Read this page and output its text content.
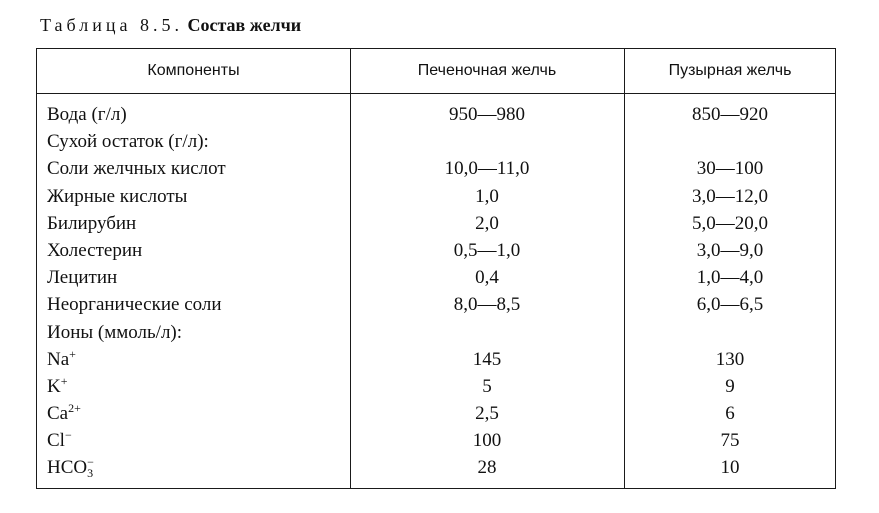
Таблица 8.5. Состав желчи
Компоненты	Печеночная желчь	Пузырная желчь
Вода (г/л)	950—980	850—920
Сухой остаток (г/л):
Соли желчных кислот	10,0—11,0	30—100
Жирные кислоты	1,0	3,0—12,0
Билирубин	2,0	5,0—20,0
Холестерин	0,5—1,0	3,0—9,0
Лецитин	0,4	1,0—4,0
Неорганические соли	8,0—8,5	6,0—6,5
Ионы (ммоль/л):
Na+	145	130
K+	5	9
$Ca^{2+}$	2,5	6
Cl−	100	75
$HCO_3^-$	28	10
